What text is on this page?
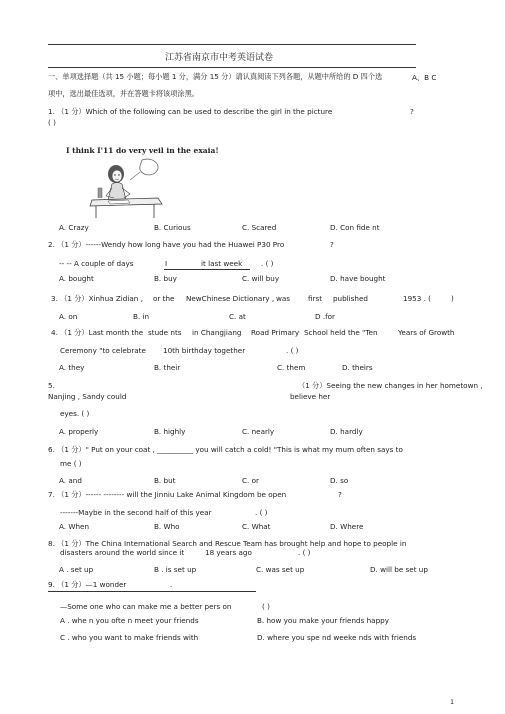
江苏省南京市中考英语试卷
一、单项选择题（共 15 小题；每小题 1 分，满分 15 分）请认真阅读下列各题，从题中所给的 D 四个选	A、B C
项中，选出最佳选项，并在答题卡将该项涂黑。
1. （1 分）Which of the following can be used to describe the girl in the picture	?
( )
I think I'11 do very veil in the exaia!
A. Crazy	B. Curious	C. Scared	D. Con fide nt
2. （1 分）------Wendy how long have you had the Huawei P30 Pro	?
-- -- A couple of days	I	it last week	. ( )
A. bought	B. buy	C. will buy	D. have bought
3. （1 分）Xinhua Zidian , or the NewChinese Dictionary , was first published	1953 . (	)
A. on	B. in	C. at	D .for
4. （1 分）Last month the stude nts in Changjiang Road Primary School held the "Ten	Years of Growth
Ceremony "to celebrate 10th birthday together	. ( )
A. they	B. their	C. them	D. theirs
5.	（1 分）Seeing the new changes in her hometown ,
Nanjing , Sandy could	believe her
eyes. ( )
A. properly	B. highly	C. nearly	D. hardly
6. （1 分）" Put on your coat , __________ you will catch a cold! "This is what my mum often says to
me ( )
A. and	B. but	C. or	D. so
7. （1 分）------ -------- will the Jinniu Lake Animal Kingdom be open	?
-------Maybe in the second half of this year	. ( )
A. When	B. Who	C. What	D. Where
8. （1 分）The China International Search and Rescue Team has brought help and hope to people in
disasters around the world since it	18 years ago	. ( )
A . set up	B . is set up	C. was set up	D. will be set up
9. （1 分）—1 wonder	.
—Some one who can make me a better pers on	( )
A . whe n you ofte n meet your friends	B. how you make your friends happy
C . who you want to make friends with	D. where you spe nd weeke nds with friends
1
